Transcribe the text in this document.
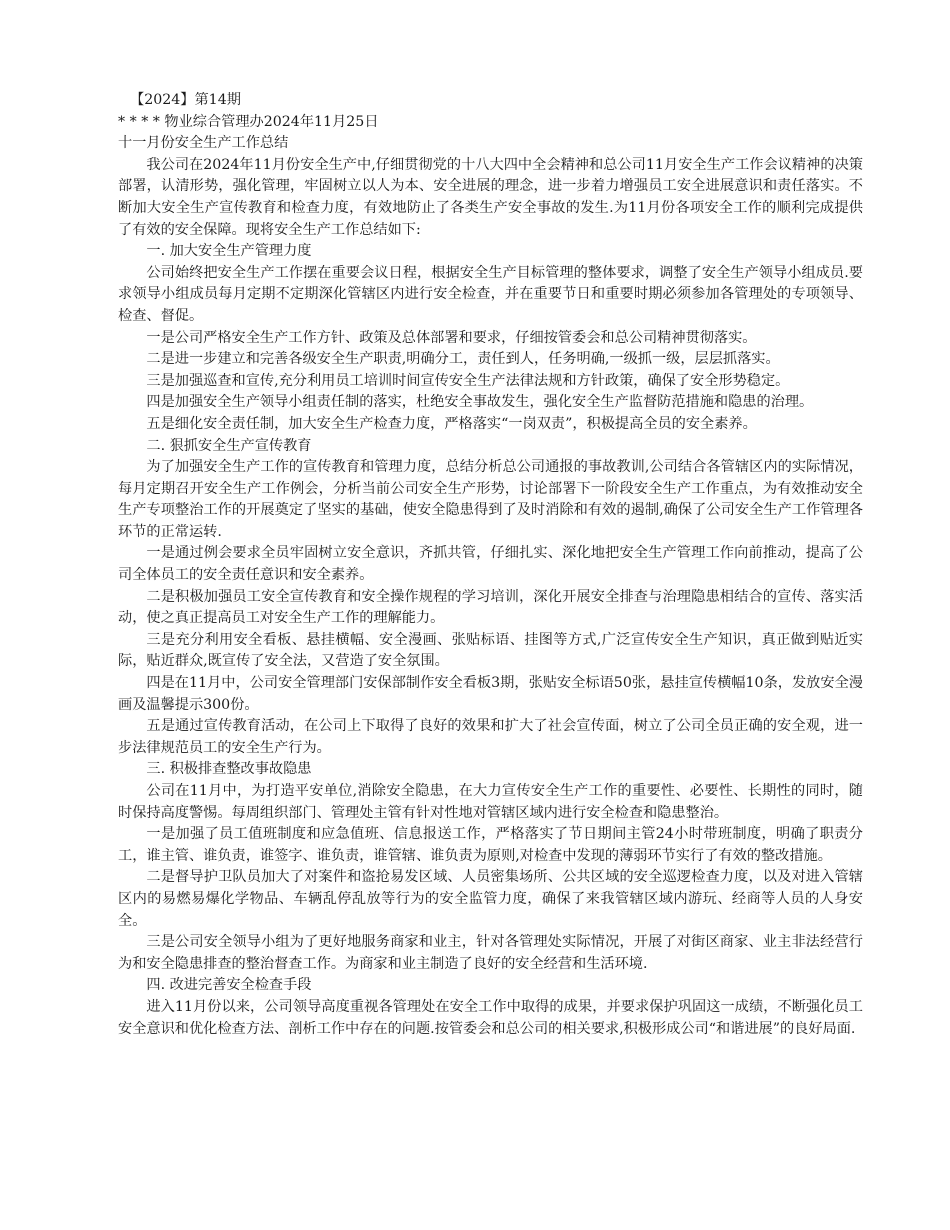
【2024】第14期
* * * * 物业综合管理办2024年11月25日
十一月份安全生产工作总结

我公司在2024年11月份安全生产中,仔细贯彻党的十八大四中全会精神和总公司11月安全生产工作会议精神的决策部署，认清形势，强化管理，牢固树立以人为本、安全进展的理念，进一步着力增强员工安全进展意识和责任落实。不断加大安全生产宣传教育和检查力度，有效地防止了各类生产安全事故的发生.为11月份各项安全工作的顺利完成提供了有效的安全保障。现将安全生产工作总结如下:

一. 加大安全生产管理力度

公司始终把安全生产工作摆在重要会议日程，根据安全生产目标管理的整体要求，调整了安全生产领导小组成员.要求领导小组成员每月定期不定期深化管辖区内进行安全检查，并在重要节日和重要时期必须参加各管理处的专项领导、检查、督促。

一是公司严格安全生产工作方针、政策及总体部署和要求，仔细按管委会和总公司精神贯彻落实。

二是进一步建立和完善各级安全生产职责,明确分工，责任到人，任务明确,一级抓一级，层层抓落实。

三是加强巡查和宣传,充分利用员工培训时间宣传安全生产法律法规和方针政策，确保了安全形势稳定。

四是加强安全生产领导小组责任制的落实，杜绝安全事故发生，强化安全生产监督防范措施和隐患的治理。

五是细化安全责任制，加大安全生产检查力度，严格落实“一岗双责”，积极提高全员的安全素养。

二. 狠抓安全生产宣传教育

为了加强安全生产工作的宣传教育和管理力度，总结分析总公司通报的事故教训,公司结合各管辖区内的实际情况，每月定期召开安全生产工作例会，分析当前公司安全生产形势，讨论部署下一阶段安全生产工作重点，为有效推动安全生产专项整治工作的开展奠定了坚实的基础，使安全隐患得到了及时消除和有效的遏制,确保了公司安全生产工作管理各环节的正常运转.

一是通过例会要求全员牢固树立安全意识，齐抓共管，仔细扎实、深化地把安全生产管理工作向前推动，提高了公司全体员工的安全责任意识和安全素养。

二是积极加强员工安全宣传教育和安全操作规程的学习培训，深化开展安全排查与治理隐患相结合的宣传、落实活动，使之真正提高员工对安全生产工作的理解能力。

三是充分利用安全看板、悬挂横幅、安全漫画、张贴标语、挂图等方式,广泛宣传安全生产知识，真正做到贴近实际，贴近群众,既宣传了安全法，又营造了安全氛围。

四是在11月中，公司安全管理部门安保部制作安全看板3期，张贴安全标语50张，悬挂宣传横幅10条，发放安全漫画及温馨提示300份。

五是通过宣传教育活动，在公司上下取得了良好的效果和扩大了社会宣传面，树立了公司全员正确的安全观，进一步法律规范员工的安全生产行为。

三. 积极排查整改事故隐患

公司在11月中，为打造平安单位,消除安全隐患，在大力宣传安全生产工作的重要性、必要性、长期性的同时，随时保持高度警惕。每周组织部门、管理处主管有针对性地对管辖区域内进行安全检查和隐患整治。

一是加强了员工值班制度和应急值班、信息报送工作，严格落实了节日期间主管24小时带班制度，明确了职责分工，谁主管、谁负责，谁签字、谁负责，谁管辖、谁负责为原则,对检查中发现的薄弱环节实行了有效的整改措施。

二是督导护卫队员加大了对案件和盗抢易发区域、人员密集场所、公共区域的安全巡逻检查力度，以及对进入管辖区内的易燃易爆化学物品、车辆乱停乱放等行为的安全监管力度，确保了来我管辖区域内游玩、经商等人员的人身安全。

三是公司安全领导小组为了更好地服务商家和业主，针对各管理处实际情况，开展了对街区商家、业主非法经营行为和安全隐患排查的整治督查工作。为商家和业主制造了良好的安全经营和生活环境.

四. 改进完善安全检查手段

进入11月份以来，公司领导高度重视各管理处在安全工作中取得的成果，并要求保护巩固这一成绩，不断强化员工安全意识和优化检查方法、剖析工作中存在的问题.按管委会和总公司的相关要求,积极形成公司“和谐进展”的良好局面.
